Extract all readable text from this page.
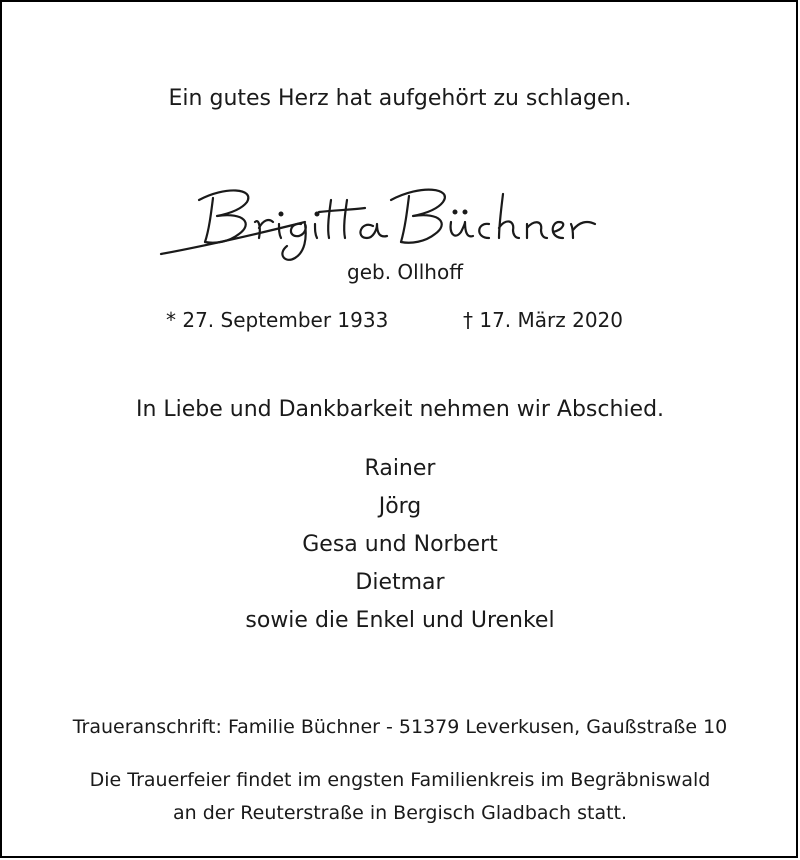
Ein gutes Herz hat aufgehört zu schlagen.
geb. Ollhoff
* 27. September 1933	† 17. März 2020
In Liebe und Dankbarkeit nehmen wir Abschied.
Rainer
Jörg
Gesa und Norbert
Dietmar
sowie die Enkel und Urenkel
Traueranschrift: Familie Büchner - 51379 Leverkusen, Gaußstraße 10
Die Trauerfeier findet im engsten Familienkreis im Begräbniswald
an der Reuterstraße in Bergisch Gladbach statt.
